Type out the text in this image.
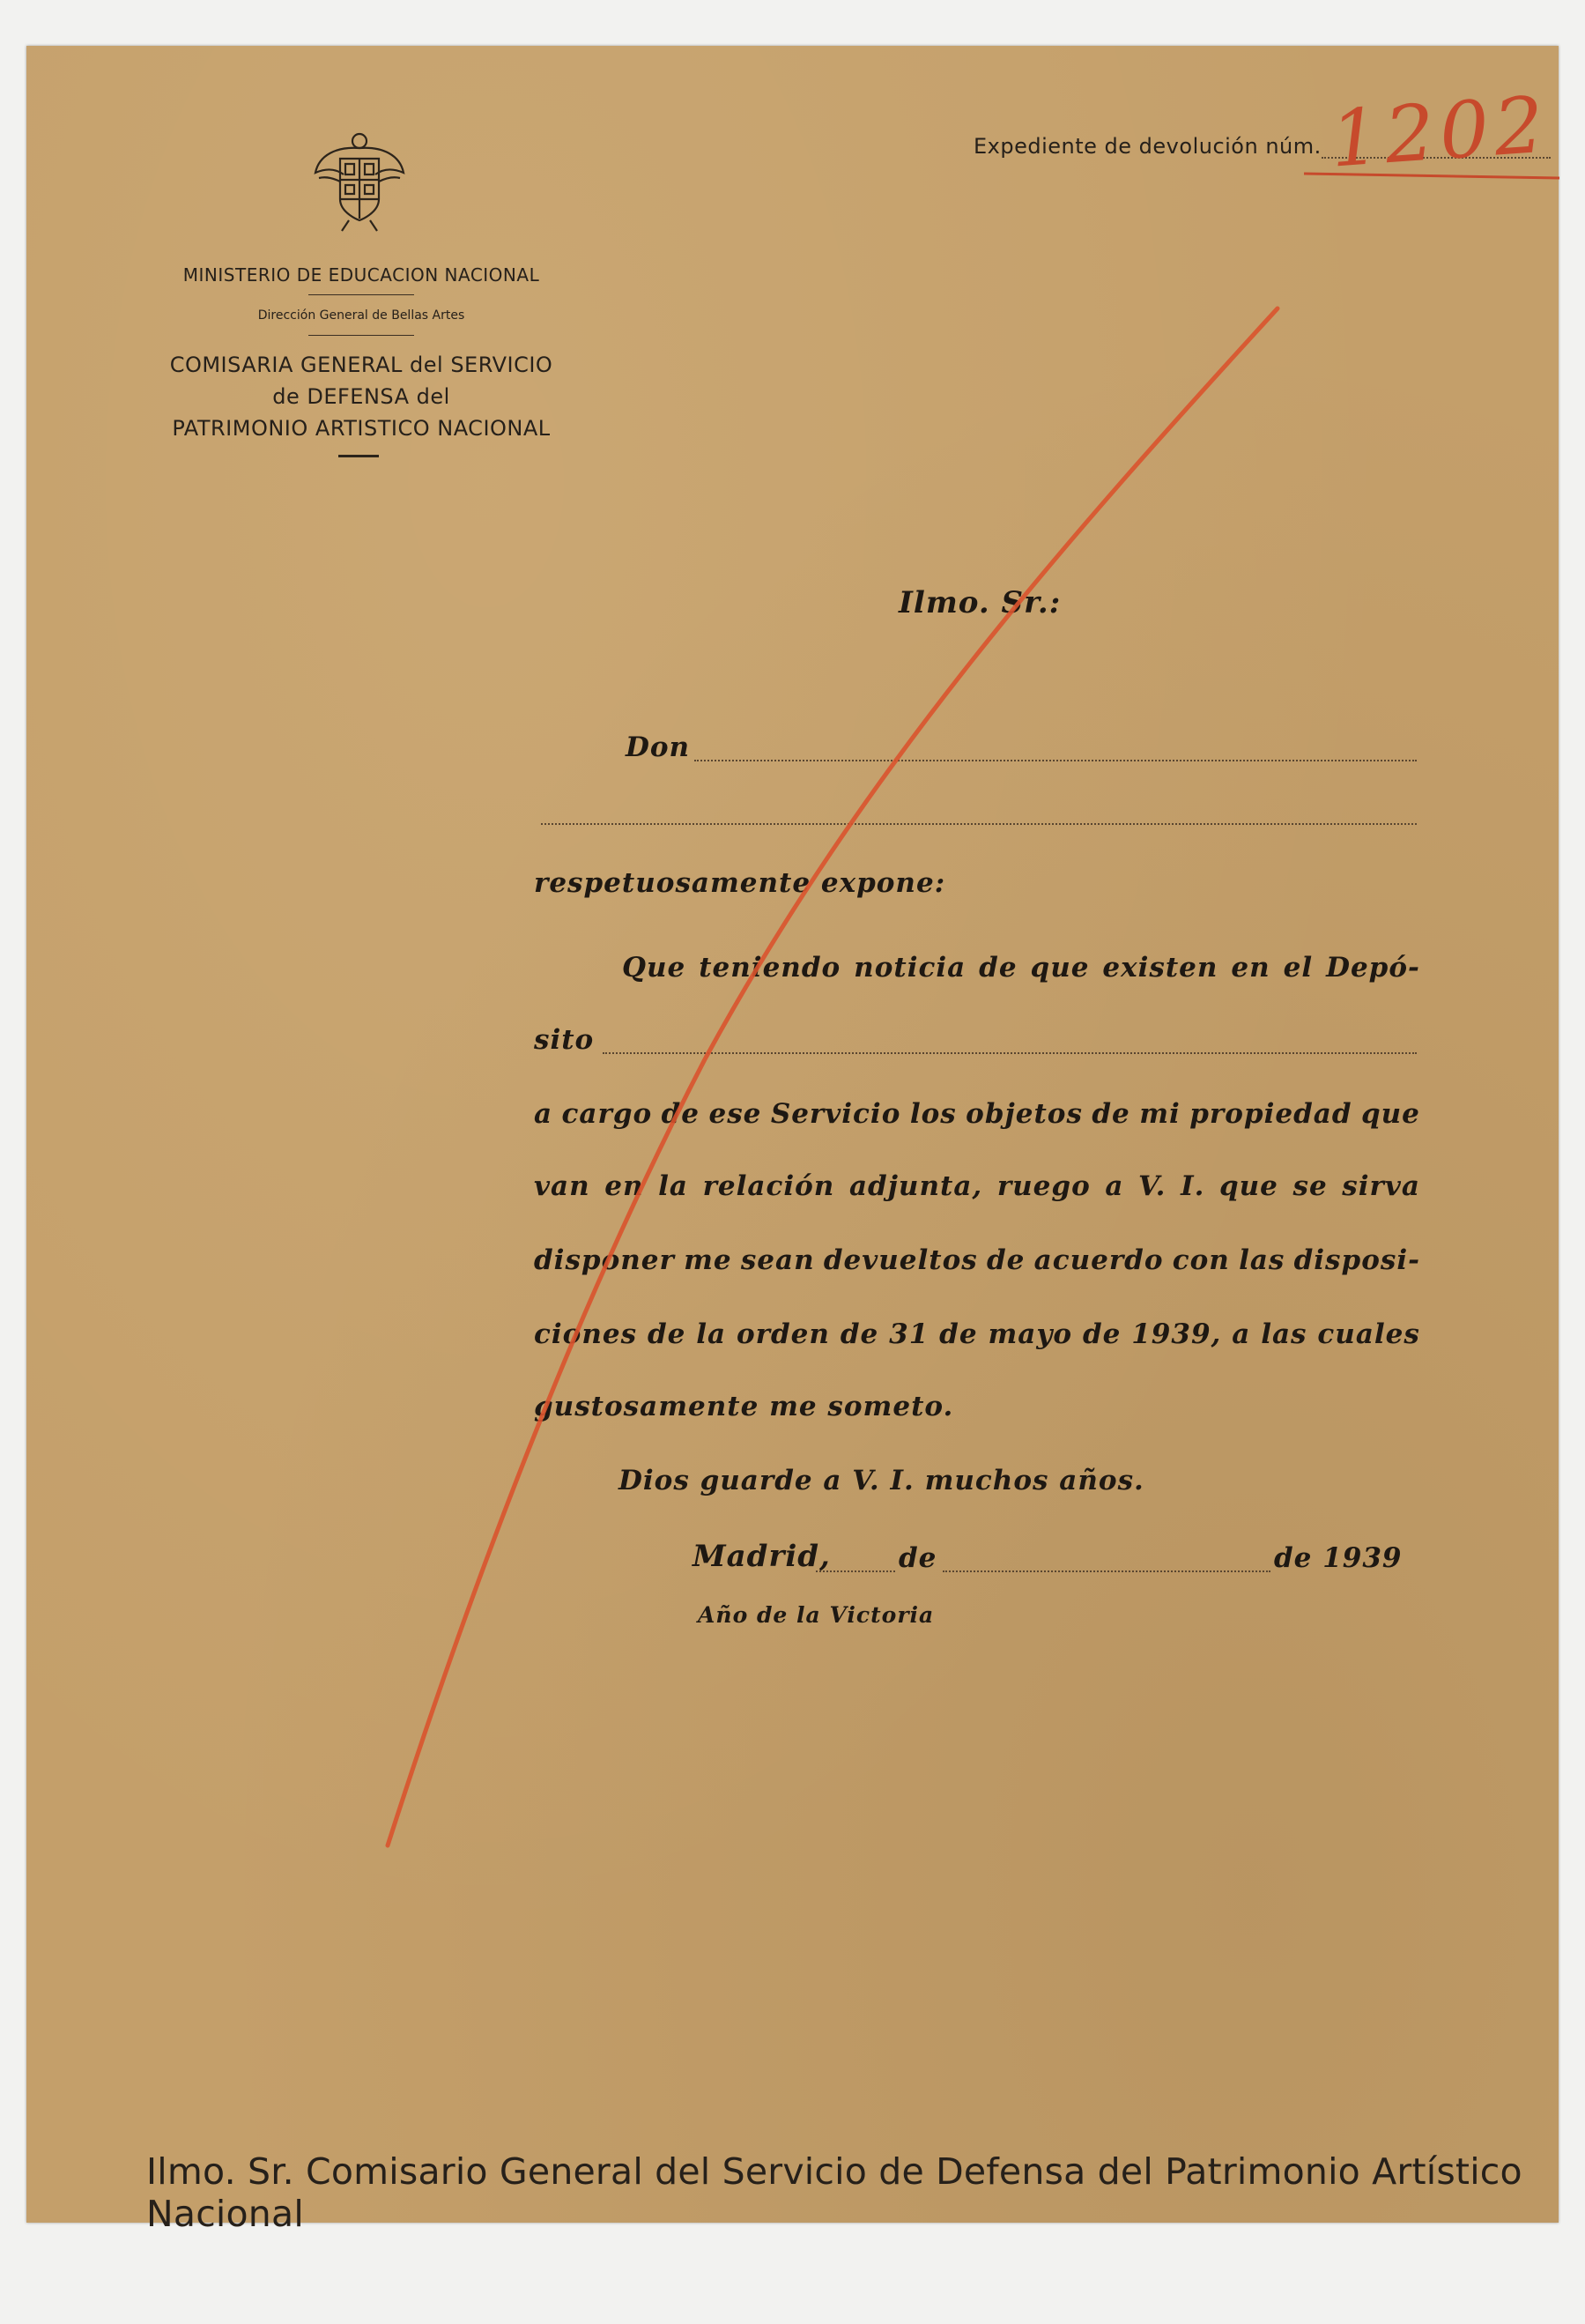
MINISTERIO DE EDUCACION NACIONAL
Dirección General de Bellas Artes
COMISARIA GENERAL del SERVICIO
de DEFENSA del
PATRIMONIO ARTISTICO NACIONAL
Expediente de devolución núm. 1202
Ilmo. Sr.:
Don
respetuosamente expone:
Que teniendo noticia de que existen en el Depó-
sito
a cargo de ese Servicio los objetos de mi propiedad que
van en la relación adjunta, ruego a V. I. que se sirva
disponer me sean devueltos de acuerdo con las disposi-
ciones de la orden de 31 de mayo de 1939, a las cuales
gustosamente me someto.
Dios guarde a V. I. muchos años.
Madrid, de	de 1939
Año de la Victoria
Ilmo. Sr. Comisario General del Servicio de Defensa del Patrimonio Artístico Nacional
